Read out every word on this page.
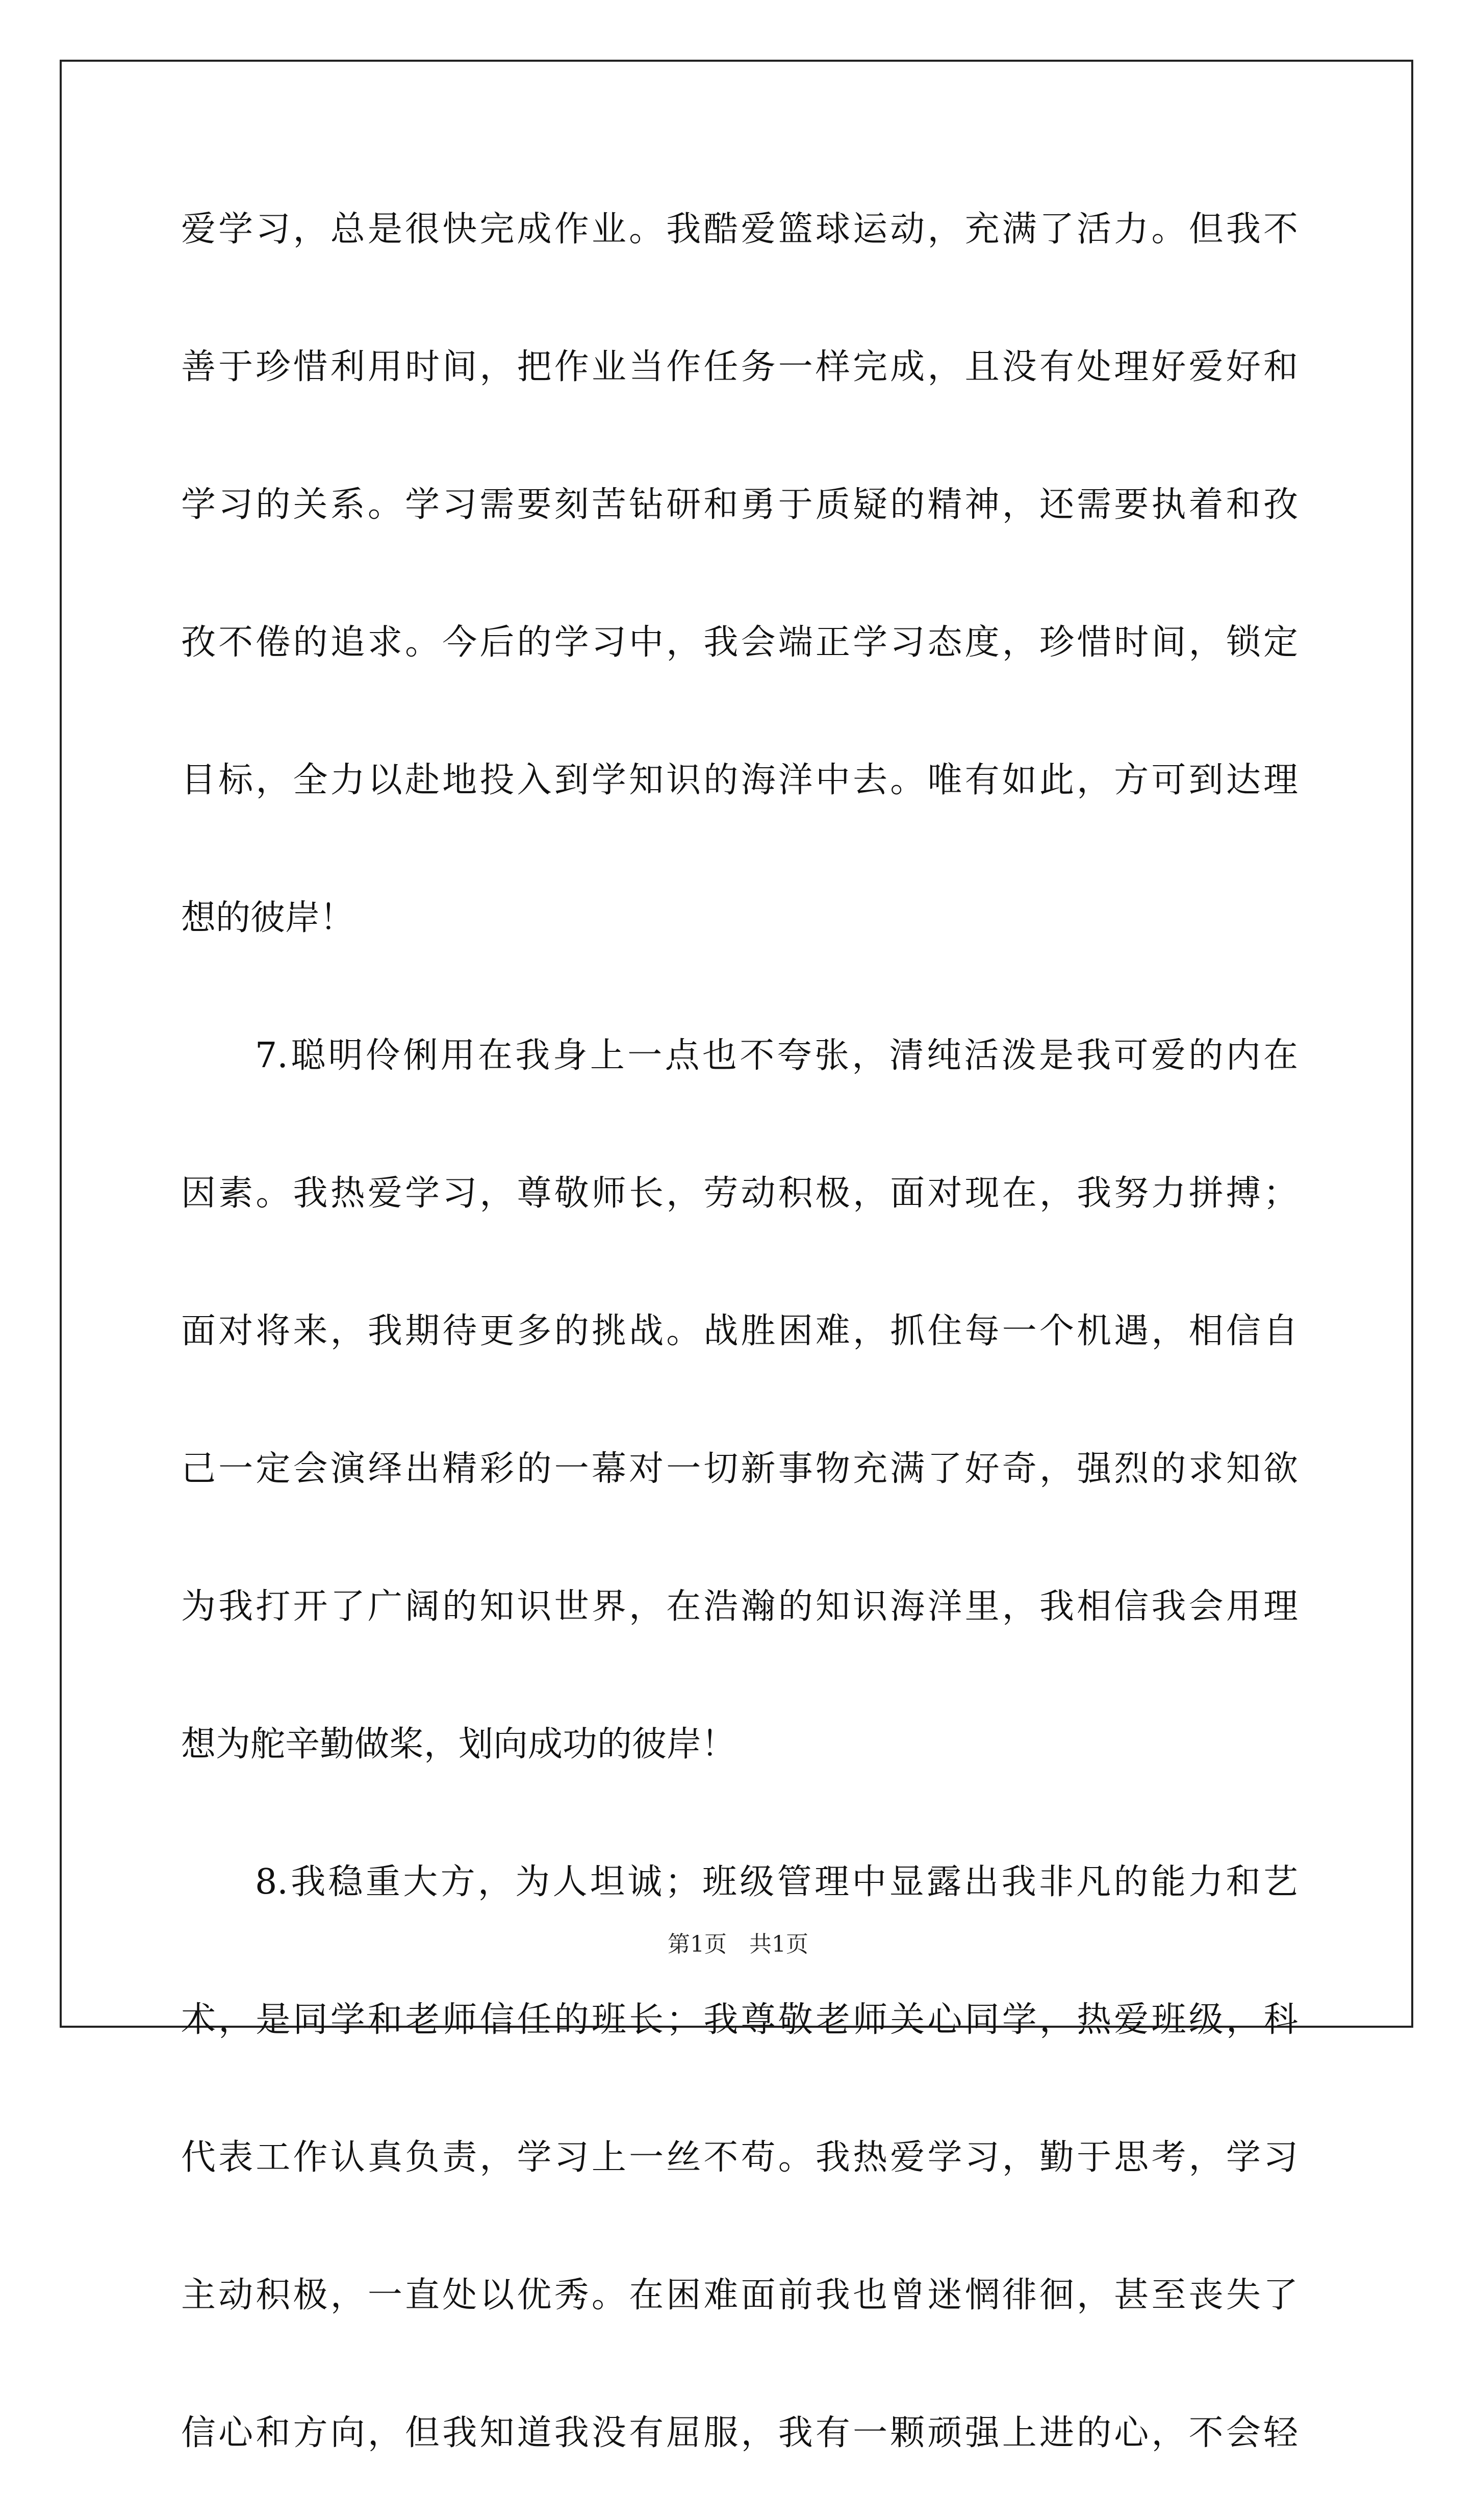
爱学习，总是很快完成作业。我酷爱篮球运动，充满了活力。但我不
善于珍惜利用时间，把作业当作任务一样完成，且没有处理好爱好和
学习的关系。学习需要刻苦钻研和勇于质疑的精神，还需要执着和孜
孜不倦的追求。今后的学习中，我会端正学习态度，珍惜时间，锁定
目标，全力以赴地投入到学知识的海洋中去。唯有如此，方可到达理
想的彼岸！
7.聪明伶俐用在我身上一点也不夸张，清纯活泼是我可爱的内在
因素。我热爱学习，尊敬师长，劳动积极，面对现在，我努力拼搏；
面对将来，我期待更多的挑战。战胜困难，抓住每一个机遇，相信自
己一定会演绎出精彩的一幕对一切新事物充满了好奇，强烈的求知欲
为我打开了广阔的知识世界，在浩瀚的知识海洋里，我相信我会用理
想为舵辛勤做桨，划向成功的彼岸！
8.我稳重大方，为人坦诚；班级管理中显露出我非凡的能力和艺
术，是同学和老师信任的班长；我尊敬老师关心同学，热爱班级，科
代表工作认真负责，学习上一丝不苟。我热爱学习，勤于思考，学习
主动积极，一直处以优秀。在困难面前我也曾迷惘徘徊，甚至丧失了
信心和方向，但我知道我没有屈服，我有一颗顽强上进的心，不会轻
第1页　共1页
